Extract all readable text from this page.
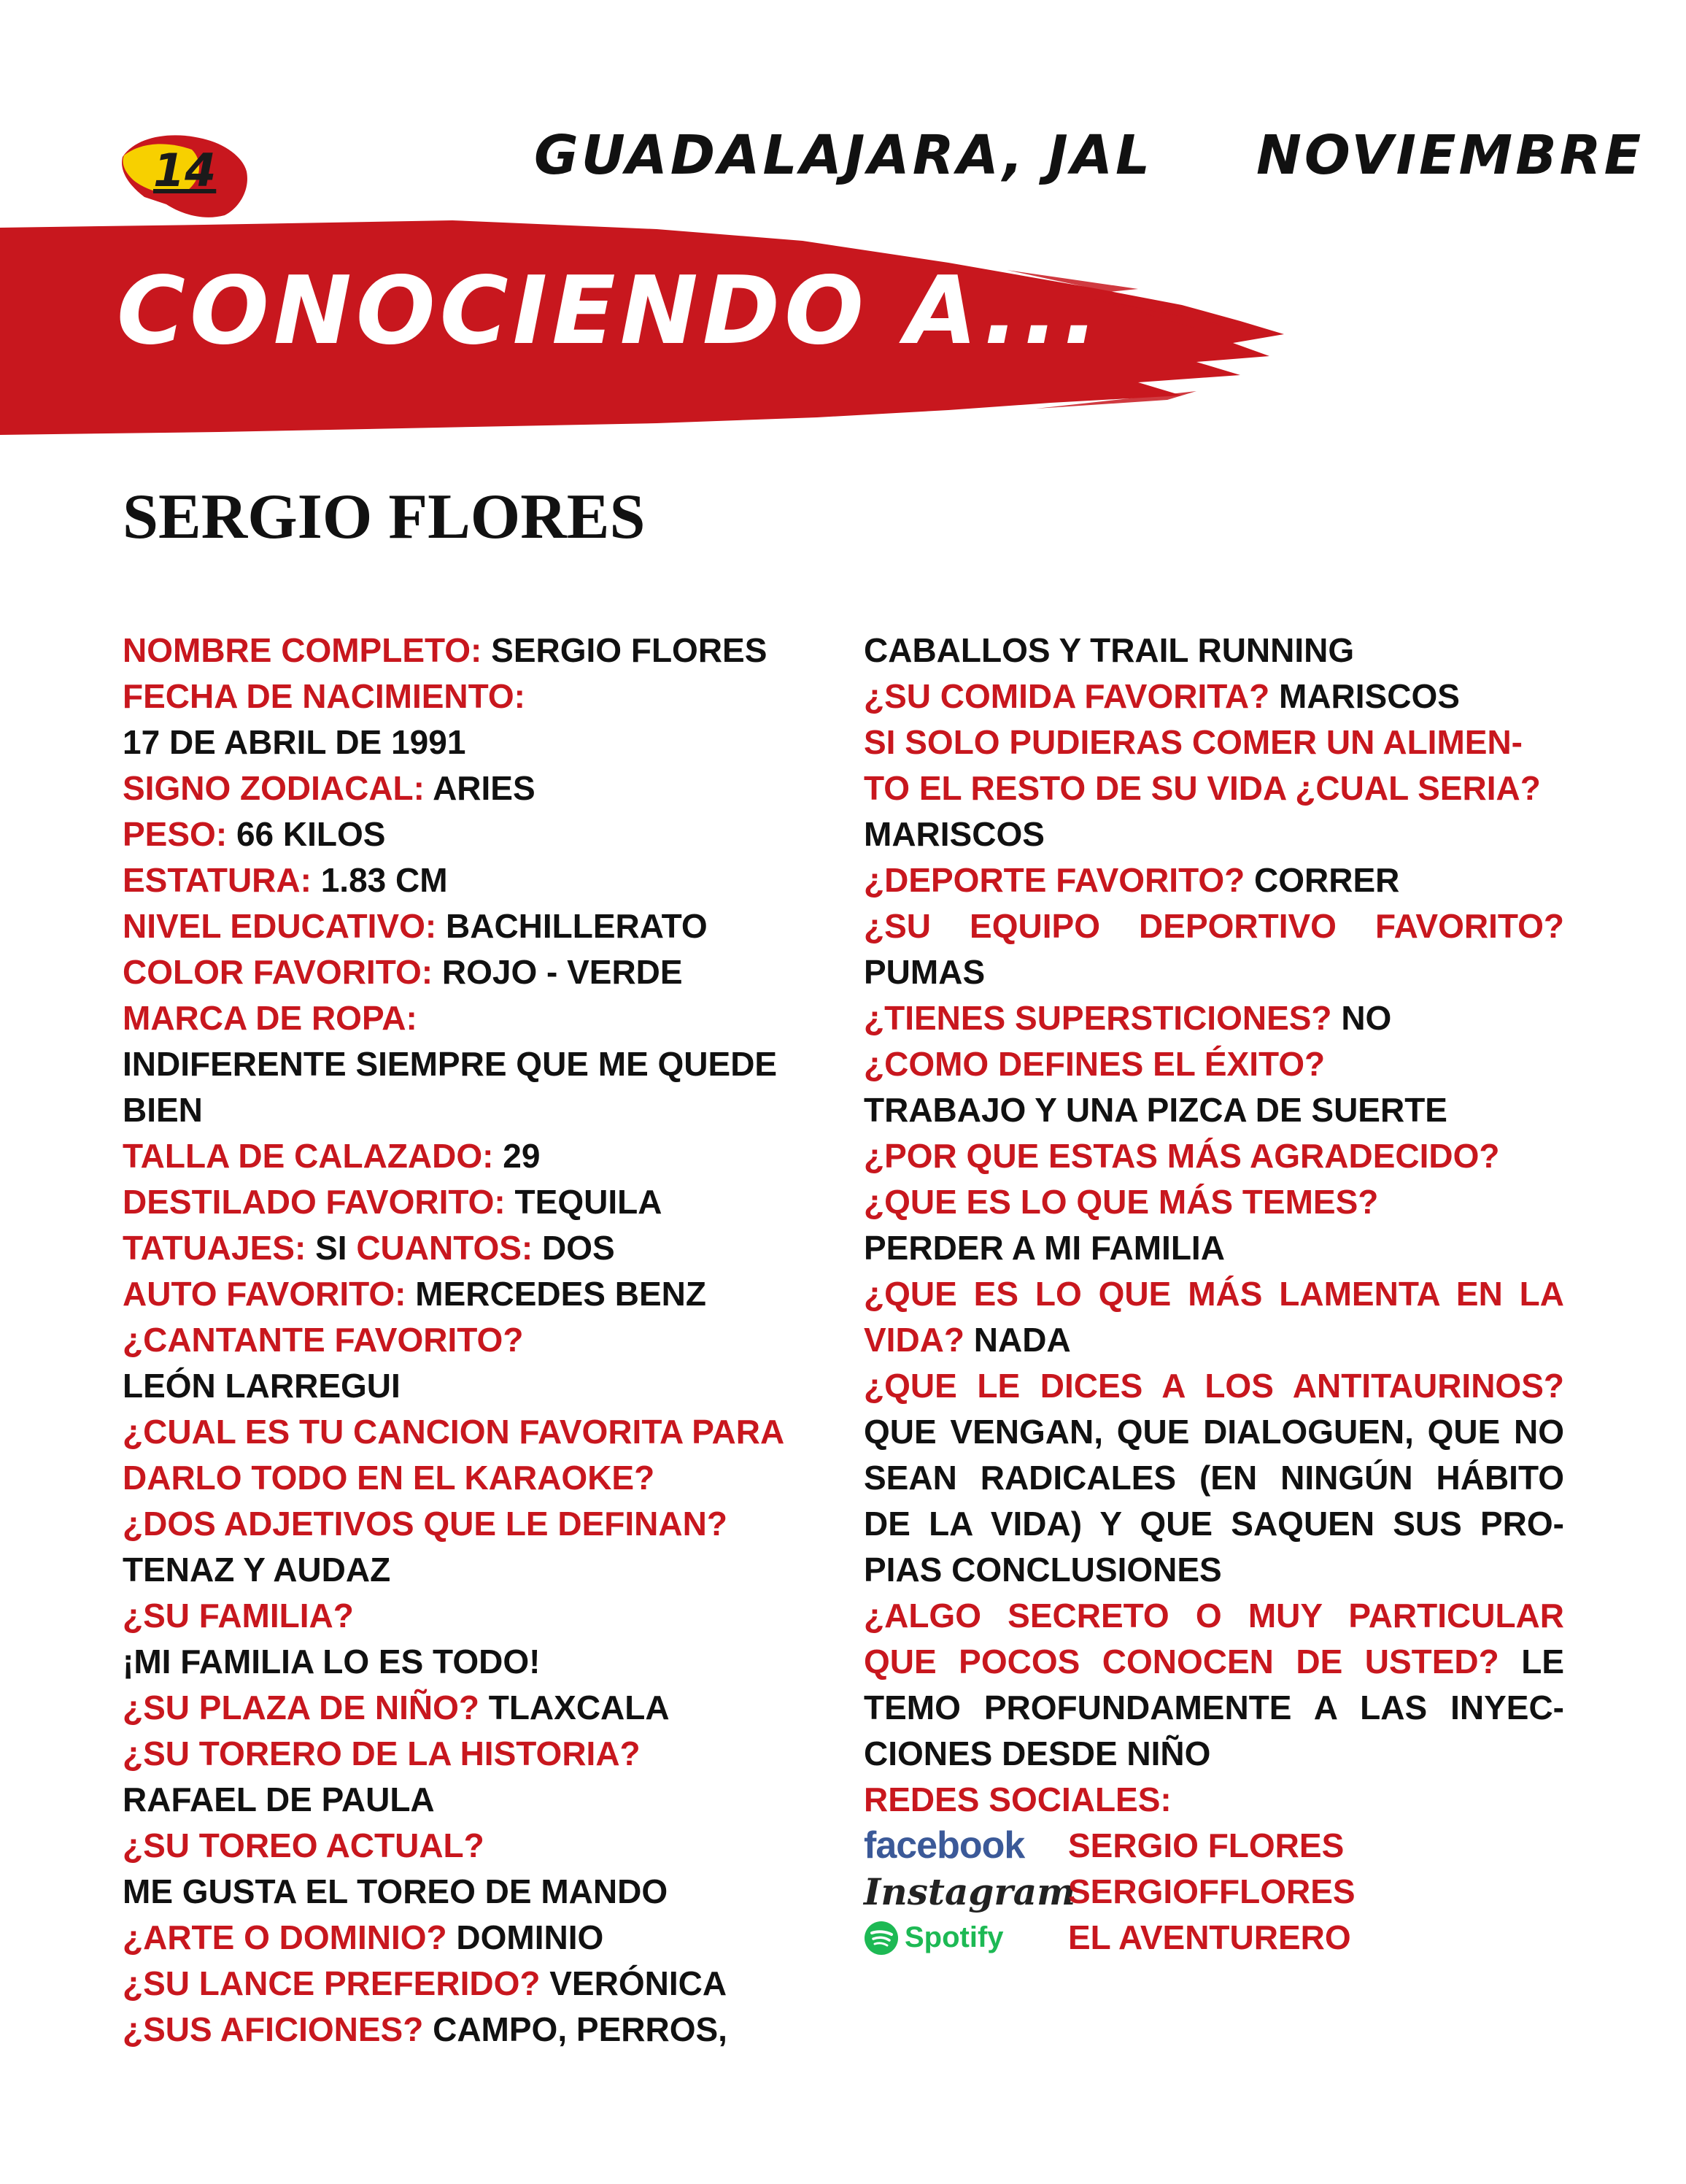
14	GUADALAJARA, JAL NOVIEMBRE
CONOCIENDO A...
SERGIO FLORES
NOMBRE COMPLETO: SERGIO FLORES
FECHA DE NACIMIENTO:
17 DE ABRIL DE 1991
SIGNO ZODIACAL: ARIES
PESO: 66 KILOS
ESTATURA: 1.83 CM
NIVEL EDUCATIVO: BACHILLERATO
COLOR FAVORITO: ROJO - VERDE
MARCA DE ROPA:
INDIFERENTE SIEMPRE QUE ME QUEDE
BIEN
TALLA DE CALAZADO: 29
DESTILADO FAVORITO: TEQUILA
TATUAJES: SI CUANTOS: DOS
AUTO FAVORITO: MERCEDES BENZ
¿CANTANTE FAVORITO?
LEÓN LARREGUI
¿CUAL ES TU CANCION FAVORITA PARA
DARLO TODO EN EL KARAOKE?
¿DOS ADJETIVOS QUE LE DEFINAN?
TENAZ Y AUDAZ
¿SU FAMILIA?
¡MI FAMILIA LO ES TODO!
¿SU PLAZA DE NIÑO? TLAXCALA
¿SU TORERO DE LA HISTORIA?
RAFAEL DE PAULA
¿SU TOREO ACTUAL?
ME GUSTA EL TOREO DE MANDO
¿ARTE O DOMINIO? DOMINIO
¿SU LANCE PREFERIDO? VERÓNICA
¿SUS AFICIONES? CAMPO, PERROS,
CABALLOS Y TRAIL RUNNING
¿SU COMIDA FAVORITA? MARISCOS
SI SOLO PUDIERAS COMER UN ALIMEN-
TO EL RESTO DE SU VIDA ¿CUAL SERIA?
MARISCOS
¿DEPORTE FAVORITO? CORRER
¿SU EQUIPO DEPORTIVO FAVORITO?
PUMAS
¿TIENES SUPERSTICIONES? NO
¿COMO DEFINES EL ÉXITO?
TRABAJO Y UNA PIZCA DE SUERTE
¿POR QUE ESTAS MÁS AGRADECIDO?
¿QUE ES LO QUE MÁS TEMES?
PERDER A MI FAMILIA
¿QUE ES LO QUE MÁS LAMENTA EN LA
VIDA? NADA
¿QUE LE DICES A LOS ANTITAURINOS?
QUE VENGAN, QUE DIALOGUEN, QUE NO
SEAN RADICALES (EN NINGÚN HÁBITO
DE LA VIDA) Y QUE SAQUEN SUS PRO-
PIAS CONCLUSIONES
¿ALGO SECRETO O MUY PARTICULAR
QUE POCOS CONOCEN DE USTED? LE
TEMO PROFUNDAMENTE A LAS INYEC-
CIONES DESDE NIÑO
REDES SOCIALES:
facebook SERGIO FLORES
Instagram
SERGIOFFLORES
Spotify EL AVENTURERO
